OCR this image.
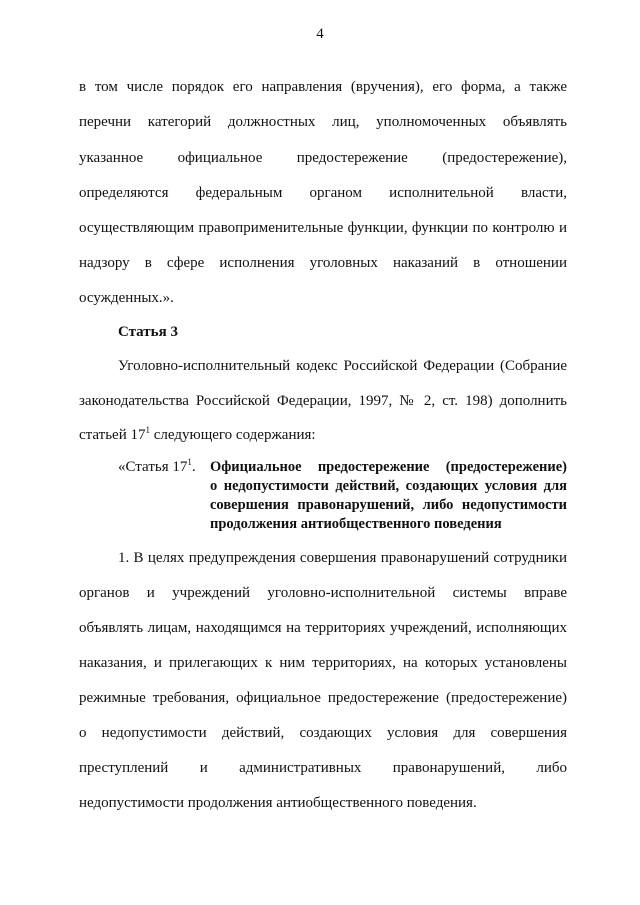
4
в том числе порядок его направления (вручения), его форма, а также
перечни категорий должностных лиц, уполномоченных объявлять
указанное официальное предостережение (предостережение),
определяются федеральным органом исполнительной власти,
осуществляющим правоприменительные функции, функции по контролю и
надзору в сфере исполнения уголовных наказаний в отношении
осужденных.».
Статья 3
Уголовно-исполнительный кодекс Российской Федерации (Собрание
законодательства Российской Федерации, 1997, № 2, ст. 198) дополнить
статьей $17^1$ следующего содержания:
«Статья $17^1$. Официальное предостережение (предостережение)
о недопустимости действий, создающих условия для
совершения правонарушений, либо недопустимости
продолжения антиобщественного поведения
1. В целях предупреждения совершения правонарушений сотрудники
органов и учреждений уголовно-исполнительной системы вправе
объявлять лицам, находящимся на территориях учреждений, исполняющих
наказания, и прилегающих к ним территориях, на которых установлены
режимные требования, официальное предостережение (предостережение)
о недопустимости действий, создающих условия для совершения
преступлений и административных правонарушений, либо
недопустимости продолжения антиобщественного поведения.
